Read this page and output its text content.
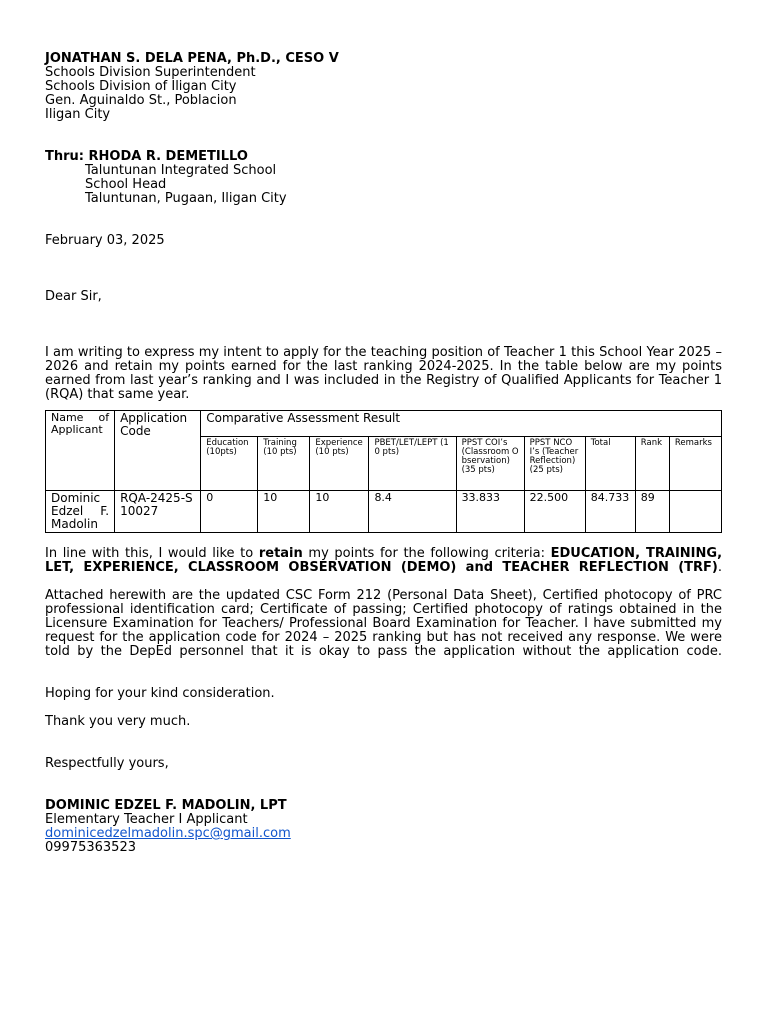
JONATHAN S. DELA PENA, Ph.D., CESO V
Schools Division Superintendent
Schools Division of Iligan City
Gen. Aguinaldo St., Poblacion
Iligan City
Thru: RHODA R. DEMETILLO
Taluntunan Integrated School
School Head
Taluntunan, Pugaan, Iligan City
February 03, 2025
Dear Sir,
I am writing to express my intent to apply for the teaching position of Teacher 1 this School Year 2025 – 2026 and retain my points earned for the last ranking 2024-2025. In the table below are my points earned from last year’s ranking and I was included in the Registry of Qualified Applicants for Teacher 1 (RQA) that same year.
Name of Applicant	Application Code	Comparative Assessment Result								
		Education (10pts)	Training (10 pts)	Experience (10 pts)	PBET/LET/LEPT (10 pts)	PPST COI’s (Classroom Observation) (35 pts)	PPST NCOI’s (Teacher Reflection) (25 pts)	Total	Rank	Remarks
Dominic Edzel F. Madolin	RQA-2425-S10027	0	10	10	8.4	33.833	22.500	84.733	89	
In line with this, I would like to retain my points for the following criteria: EDUCATION, TRAINING, LET, EXPERIENCE, CLASSROOM OBSERVATION (DEMO) and TEACHER REFLECTION (TRF).
Attached herewith are the updated CSC Form 212 (Personal Data Sheet), Certified photocopy of PRC professional identification card; Certificate of passing; Certified photocopy of ratings obtained in the Licensure Examination for Teachers/ Professional Board Examination for Teacher. I have submitted my request for the application code for 2024 – 2025 ranking but has not received any response. We were told by the DepEd personnel that it is okay to pass the application without the application code.
Hoping for your kind consideration.
Thank you very much.
Respectfully yours,
DOMINIC EDZEL F. MADOLIN, LPT
Elementary Teacher I Applicant
dominicedzelmadolin.spc@gmail.com
09975363523
